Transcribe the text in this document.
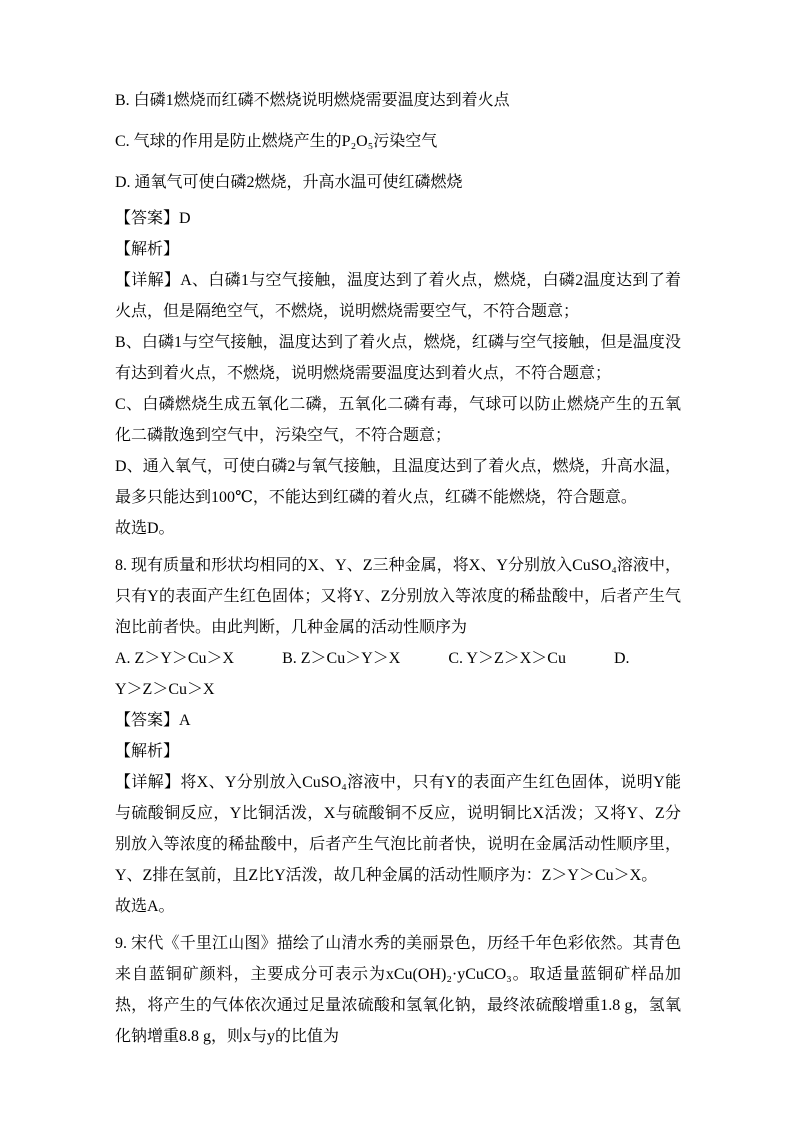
B. 白磷1燃烧而红磷不燃烧说明燃烧需要温度达到着火点

C. 气球的作用是防止燃烧产生的P₂O₅污染空气

D. 通氧气可使白磷2燃烧，升高水温可使红磷燃烧

【答案】D

【解析】

【详解】A、白磷1与空气接触，温度达到了着火点，燃烧，白磷2温度达到了着火点，但是隔绝空气，不燃烧，说明燃烧需要空气，不符合题意；

B、白磷1与空气接触，温度达到了着火点，燃烧，红磷与空气接触，但是温度没有达到着火点，不燃烧，说明燃烧需要温度达到着火点，不符合题意；

C、白磷燃烧生成五氧化二磷，五氧化二磷有毒，气球可以防止燃烧产生的五氧化二磷散逸到空气中，污染空气，不符合题意；

D、通入氧气，可使白磷2与氧气接触，且温度达到了着火点，燃烧，升高水温，最多只能达到100℃，不能达到红磷的着火点，红磷不能燃烧，符合题意。

故选D。

8. 现有质量和形状均相同的X、Y、Z三种金属，将X、Y分别放入CuSO₄溶液中，只有Y的表面产生红色固体；又将Y、Z分别放入等浓度的稀盐酸中，后者产生气泡比前者快。由此判断，几种金属的活动性顺序为

A. Z＞Y＞Cu＞X　　　B. Z＞Cu＞Y＞X　　　C. Y＞Z＞X＞Cu　　　D.

Y＞Z＞Cu＞X

【答案】A

【解析】

【详解】将X、Y分别放入CuSO₄溶液中，只有Y的表面产生红色固体，说明Y能与硫酸铜反应，Y比铜活泼，X与硫酸铜不反应，说明铜比X活泼；又将Y、Z分别放入等浓度的稀盐酸中，后者产生气泡比前者快，说明在金属活动性顺序里，Y、Z排在氢前，且Z比Y活泼，故几种金属的活动性顺序为：Z＞Y＞Cu＞X。

故选A。

9. 宋代《千里江山图》描绘了山清水秀的美丽景色，历经千年色彩依然。其青色来自蓝铜矿颜料，主要成分可表示为xCu(OH)₂·yCuCO₃。取适量蓝铜矿样品加热，将产生的气体依次通过足量浓硫酸和氢氧化钠，最终浓硫酸增重1.8 g，氢氧化钠增重8.8 g，则x与y的比值为
